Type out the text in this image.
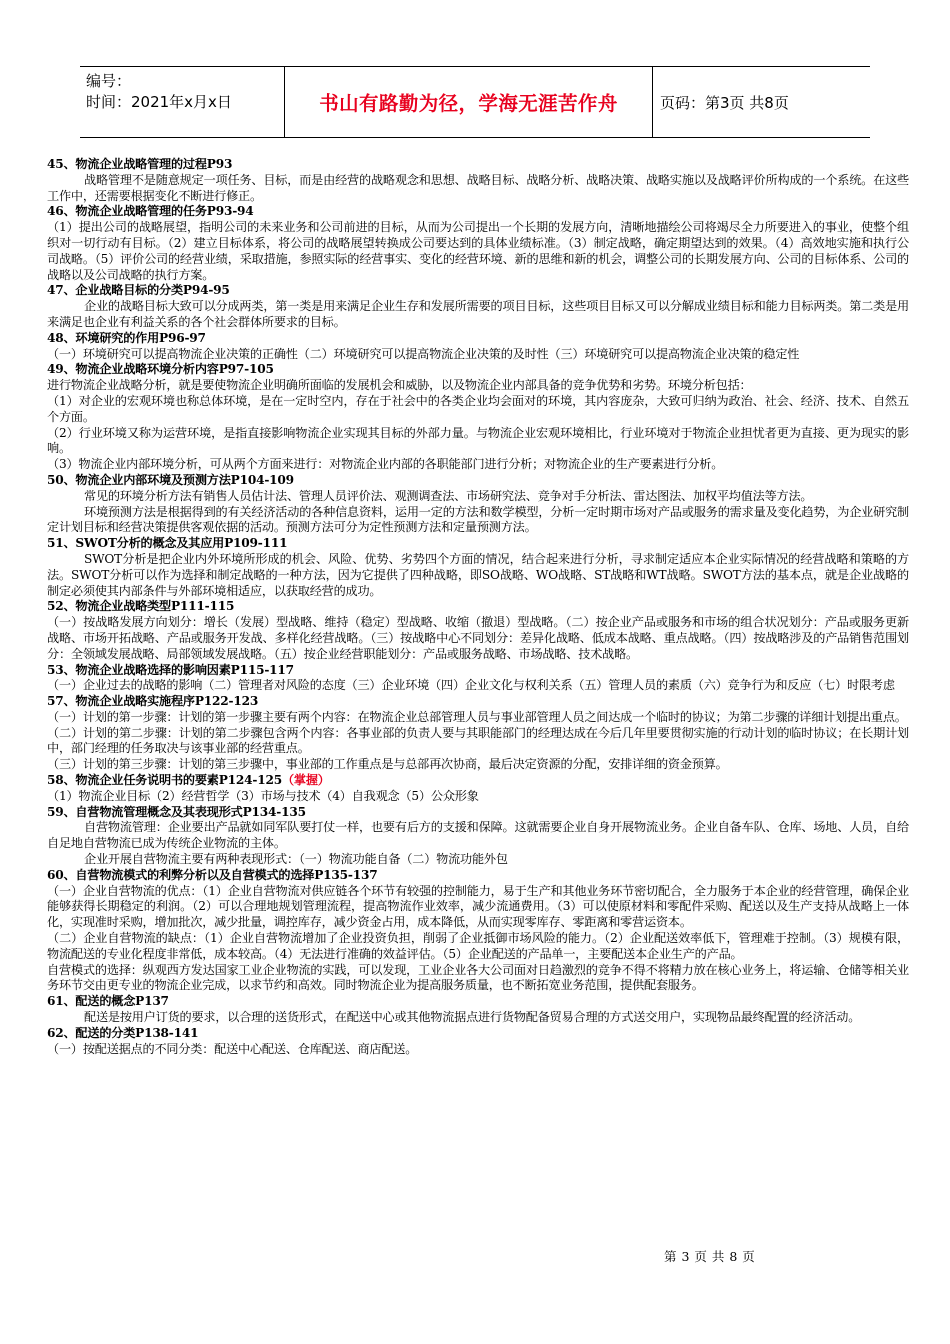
编号：
时间：2021年x月x日	书山有路勤为径，学海无涯苦作舟	页码：第3页 共8页

45、物流企业战略管理的过程P93

战略管理不是随意规定一项任务、目标，而是由经营的战略观念和思想、战略目标、战略分析、战略决策、战略实施以及战略评价所构成的一个系统。在这些工作中，还需要根据变化不断进行修正。

46、物流企业战略管理的任务P93-94

（1）提出公司的战略展望，指明公司的未来业务和公司前进的目标，从而为公司提出一个长期的发展方向，清晰地描绘公司将竭尽全力所要进入的事业，使整个组织对一切行动有目标。（2）建立目标体系，将公司的战略展望转换成公司要达到的具体业绩标准。（3）制定战略，确定期望达到的效果。（4）高效地实施和执行公司战略。（5）评价公司的经营业绩，采取措施，参照实际的经营事实、变化的经营环境、新的思维和新的机会，调整公司的长期发展方向、公司的目标体系、公司的战略以及公司战略的执行方案。

47、企业战略目标的分类P94-95

企业的战略目标大致可以分成两类，第一类是用来满足企业生存和发展所需要的项目目标，这些项目目标又可以分解成业绩目标和能力目标两类。第二类是用来满足也企业有利益关系的各个社会群体所要求的目标。

48、环境研究的作用P96-97

（一）环境研究可以提高物流企业决策的正确性（二）环境研究可以提高物流企业决策的及时性（三）环境研究可以提高物流企业决策的稳定性

49、物流企业战略环境分析内容P97-105

进行物流企业战略分析，就是要使物流企业明确所面临的发展机会和威胁，以及物流企业内部具备的竞争优势和劣势。环境分析包括：

（1）对企业的宏观环境也称总体环境，是在一定时空内，存在于社会中的各类企业均会面对的环境，其内容庞杂，大致可归纳为政治、社会、经济、技术、自然五个方面。

（2）行业环境又称为运营环境，是指直接影响物流企业实现其目标的外部力量。与物流企业宏观环境相比，行业环境对于物流企业担忧者更为直接、更为现实的影响。

（3）物流企业内部环境分析，可从两个方面来进行：对物流企业内部的各职能部门进行分析；对物流企业的生产要素进行分析。

50、物流企业内部环境及预测方法P104-109

常见的环境分析方法有销售人员估计法、管理人员评价法、观测调查法、市场研究法、竞争对手分析法、雷达图法、加权平均值法等方法。

环境预测方法是根据得到的有关经济活动的各种信息资料，运用一定的方法和数学模型，分析一定时期市场对产品或服务的需求量及变化趋势，为企业研究制定计划目标和经营决策提供客观依据的活动。预测方法可分为定性预测方法和定量预测方法。

51、SWOT分析的概念及其应用P109-111

SWOT分析是把企业内外环境所形成的机会、风险、优势、劣势四个方面的情况，结合起来进行分析，寻求制定适应本企业实际情况的经营战略和策略的方法。SWOT分析可以作为选择和制定战略的一种方法，因为它提供了四种战略，即SO战略、WO战略、ST战略和WT战略。SWOT方法的基本点，就是企业战略的制定必须使其内部条件与外部环境相适应，以获取经营的成功。

52、物流企业战略类型P111-115

（一）按战略发展方向划分：增长（发展）型战略、维持（稳定）型战略、收缩（撤退）型战略。（二）按企业产品或服务和市场的组合状况划分：产品或服务更新战略、市场开拓战略、产品或服务开发战、多样化经营战略。（三）按战略中心不同划分：差异化战略、低成本战略、重点战略。（四）按战略涉及的产品销售范围划分：全领域发展战略、局部领域发展战略。（五）按企业经营职能划分：产品或服务战略、市场战略、技术战略。

53、物流企业战略选择的影响因素P115-117

（一）企业过去的战略的影响（二）管理者对风险的态度（三）企业环境（四）企业文化与权利关系（五）管理人员的素质（六）竞争行为和反应（七）时限考虑

57、物流企业战略实施程序P122-123

（一）计划的第一步骤：计划的第一步骤主要有两个内容：在物流企业总部管理人员与事业部管理人员之间达成一个临时的协议；为第二步骤的详细计划提出重点。

（二）计划的第二步骤：计划的第二步骤包含两个内容：各事业部的负责人要与其职能部门的经理达成在今后几年里要贯彻实施的行动计划的临时协议；在长期计划中，部门经理的任务取决与该事业部的经营重点。

（三）计划的第三步骤：计划的第三步骤中，事业部的工作重点是与总部再次协商，最后决定资源的分配，安排详细的资金预算。

58、物流企业任务说明书的要素P124-125（掌握）

（1）物流企业目标（2）经营哲学（3）市场与技术（4）自我观念（5）公众形象

59、自营物流管理概念及其表现形式P134-135

自营物流管理：企业要出产品就如同军队要打仗一样，也要有后方的支援和保障。这就需要企业自身开展物流业务。企业自备车队、仓库、场地、人员，自给自足地自营物流已成为传统企业物流的主体。

企业开展自营物流主要有两种表现形式：（一）物流功能自备（二）物流功能外包

60、自营物流模式的利弊分析以及自营模式的选择P135-137

（一）企业自营物流的优点：（1）企业自营物流对供应链各个环节有较强的控制能力，易于生产和其他业务环节密切配合，全力服务于本企业的经营管理，确保企业能够获得长期稳定的利润。（2）可以合理地规划管理流程，提高物流作业效率，减少流通费用。（3）可以使原材料和零配件采购、配送以及生产支持从战略上一体化，实现准时采购，增加批次，减少批量，调控库存，减少资金占用，成本降低，从而实现零库存、零距离和零营运资本。

（二）企业自营物流的缺点：（1）企业自营物流增加了企业投资负担，削弱了企业抵御市场风险的能力。（2）企业配送效率低下，管理难于控制。（3）规模有限，物流配送的专业化程度非常低，成本较高。（4）无法进行准确的效益评估。（5）企业配送的产品单一，主要配送本企业生产的产品。

自营模式的选择：纵观西方发达国家工业企业物流的实践，可以发现，工业企业各大公司面对日趋激烈的竞争不得不将精力放在核心业务上，将运输、仓储等相关业务环节交由更专业的物流企业完成，以求节约和高效。同时物流企业为提高服务质量，也不断拓宽业务范围，提供配套服务。

61、配送的概念P137

配送是按用户订货的要求，以合理的送货形式，在配送中心或其他物流据点进行货物配备贸易合理的方式送交用户，实现物品最终配置的经济活动。

62、配送的分类P138-141

（一）按配送据点的不同分类：配送中心配送、仓库配送、商店配送。

第 3 页 共 8 页
